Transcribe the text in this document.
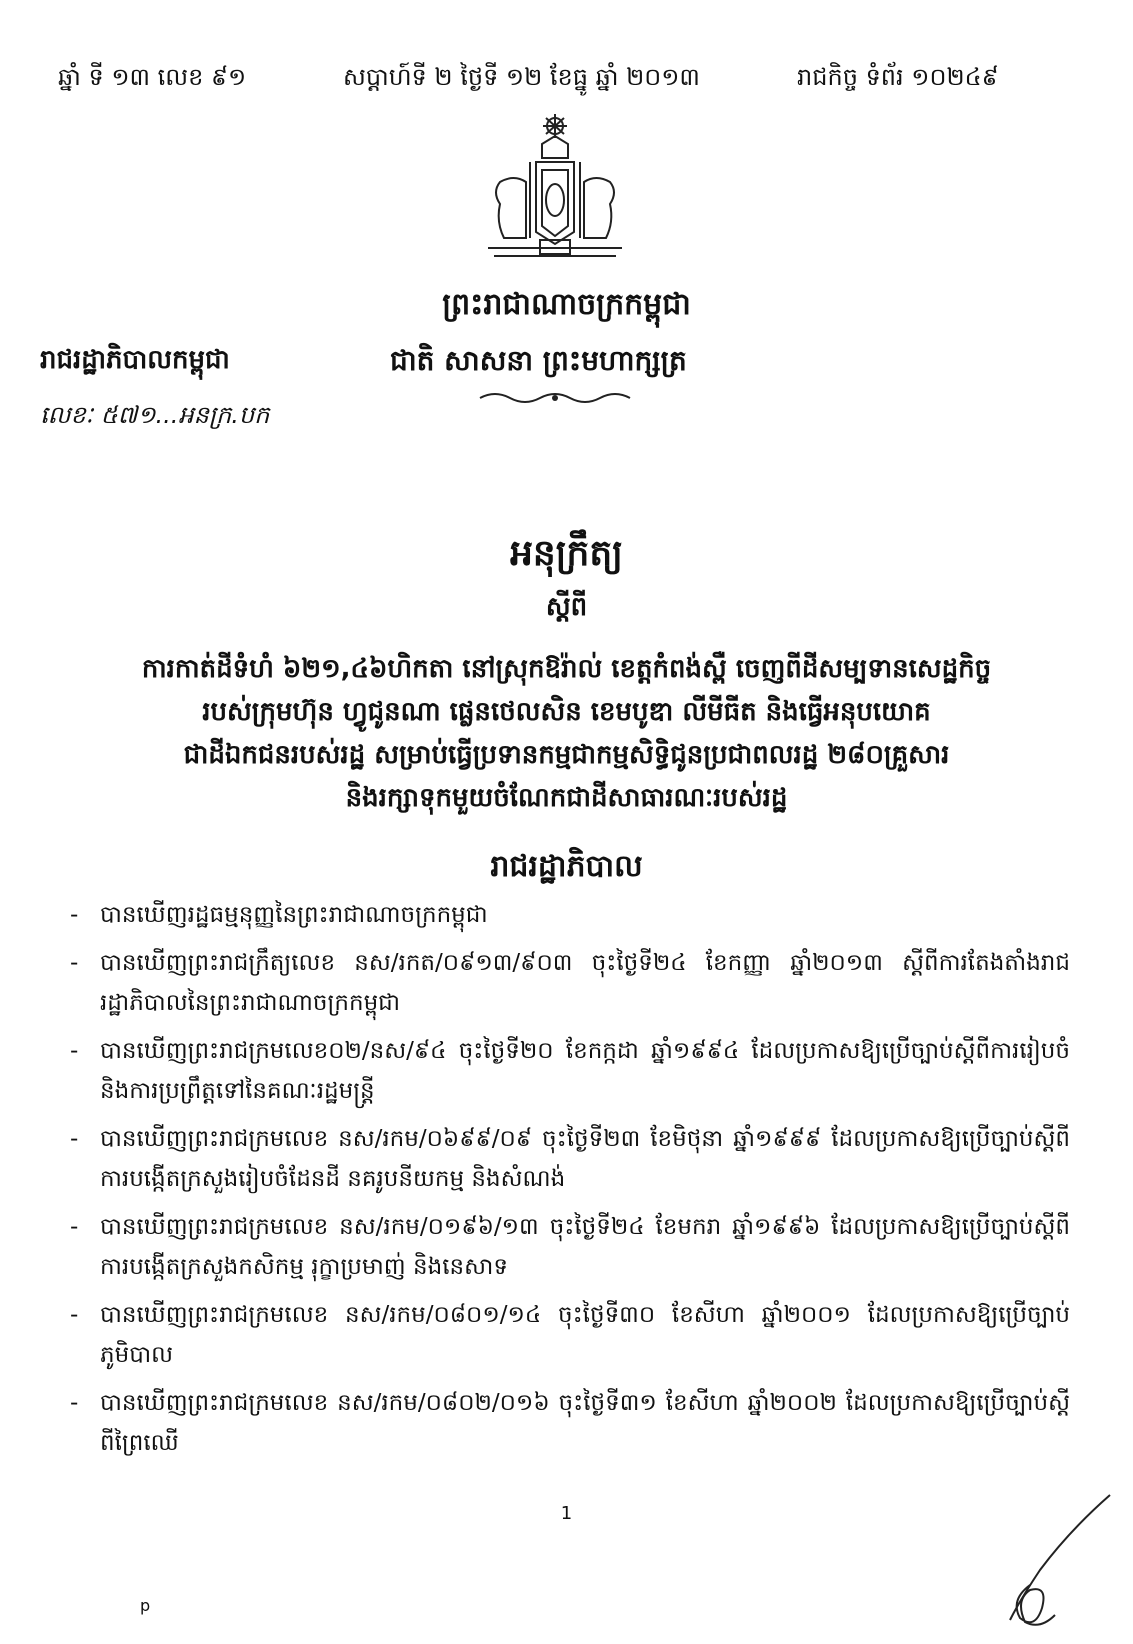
ឆ្នាំ ទី ១៣ លេខ ៩១	សប្តាហ៍ទី ២ ថ្ងៃទី ១២ ខែធ្នូ ឆ្នាំ ២០១៣	រាជកិច្ច ទំព័រ ១០២៤៩
ព្រះរាជាណាចក្រកម្ពុជា
ជាតិ សាសនា ព្រះមហាក្សត្រ
រាជរដ្ឋាភិបាលកម្ពុជា
លេខៈ ៥៧១...អនក្រ.បក
អនុក្រឹត្យ
ស្តីពី
ការកាត់ដីទំហំ ៦២១,៤៦ហិកតា នៅស្រុកឱរ៉ាល់ ខេត្តកំពង់ស្ពឺ ចេញពីដីសម្បទានសេដ្ឋកិច្ច
របស់ក្រុមហ៊ុន ហ្វូជូនណា ផ្លេនថេលសិន ខេមបូឌា លីមីធីត និងធ្វើអនុបយោគ
ជាដីឯកជនរបស់រដ្ឋ សម្រាប់ធ្វើប្រទានកម្មជាកម្មសិទ្ធិជូនប្រជាពលរដ្ឋ ២៨០គ្រួសារ
និងរក្សាទុកមួយចំណែកជាដីសាធារណៈរបស់រដ្ឋ
រាជរដ្ឋាភិបាល
- បានឃើញរដ្ឋធម្មនុញ្ញនៃព្រះរាជាណាចក្រកម្ពុជា
- បានឃើញព្រះរាជក្រឹត្យលេខ នស/រកត/០៩១៣/៩០៣ ចុះថ្ងៃទី២៤ ខែកញ្ញា ឆ្នាំ២០១៣ ស្តីពីការតែងតាំងរាជរដ្ឋាភិបាលនៃព្រះរាជាណាចក្រកម្ពុជា
- បានឃើញព្រះរាជក្រមលេខ០២/នស/៩៤ ចុះថ្ងៃទី២០ ខែកក្កដា ឆ្នាំ១៩៩៤ ដែលប្រកាសឱ្យប្រើច្បាប់ស្តីពីការរៀបចំនិងការប្រព្រឹត្តទៅនៃគណៈរដ្ឋមន្ត្រី
- បានឃើញព្រះរាជក្រមលេខ នស/រកម/០៦៩៩/០៩ ចុះថ្ងៃទី២៣ ខែមិថុនា ឆ្នាំ១៩៩៩ ដែលប្រកាសឱ្យប្រើច្បាប់ស្តីពីការបង្កើតក្រសួងរៀបចំដែនដី នគរូបនីយកម្ម និងសំណង់
- បានឃើញព្រះរាជក្រមលេខ នស/រកម/០១៩៦/១៣ ចុះថ្ងៃទី២៤ ខែមករា ឆ្នាំ១៩៩៦ ដែលប្រកាសឱ្យប្រើច្បាប់ស្តីពីការបង្កើតក្រសួងកសិកម្ម រុក្ខាប្រមាញ់ និងនេសាទ
- បានឃើញព្រះរាជក្រមលេខ នស/រកម/០៨០១/១៤ ចុះថ្ងៃទី៣០ ខែសីហា ឆ្នាំ២០០១ ដែលប្រកាសឱ្យប្រើច្បាប់ភូមិបាល
- បានឃើញព្រះរាជក្រមលេខ នស/រកម/០៨០២/០១៦ ចុះថ្ងៃទី៣១ ខែសីហា ឆ្នាំ២០០២ ដែលប្រកាសឱ្យប្រើច្បាប់ស្តីពីព្រៃឈើ
1
p
